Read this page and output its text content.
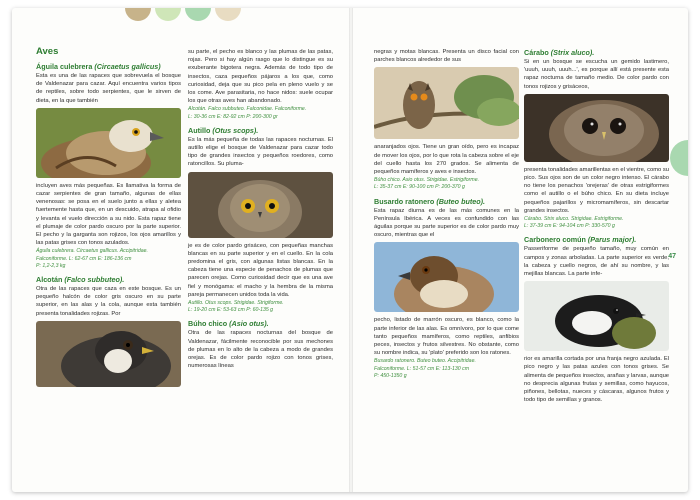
47
Aves
Águila culebrera (Circaetus gallicus)

Esta es una de las rapaces que sobrevuela el bosque de Valdenazar para cazar. Aquí encuentra varios tipos de reptiles, sobre todo serpientes, que le sirven de dieta, en la que también

incluyen aves más pequeñas. Es llamativa la forma de cazar serpientes de gran tamaño, algunas de ellas venenosas: se posa en el suelo junto a ellas y aletea fuertemente hasta que, en un descuido, atrapa al ofidio y levanta el vuelo dirección a su nido. Esta rapaz tiene el plumaje de color pardo oscuro por la parte superior. El pecho y la garganta son rojizos, los ojos amarillos y las patas grises con tonos azulados.

Águila culebrera. Circaetus gallicus. Accipitridae.
Falconiforme. L: 62-67 cm E: 186-136 cm
P: 1,2-2,3 kg
Alcotán (Falco subbuteo).

Otra de las rapaces que caza en este bosque. Es un pequeño halcón de color gris oscuro en su parte superior, en las alas y la cola, aunque esta también presenta tonalidades rojizas. Por

su parte, el pecho es blanco y las plumas de las patas, rojas. Pero si hay algún rasgo que lo distingue es su exuberante bigotera negra. Además de todo tipo de insectos, caza pequeños pájaros a los que, como curiosidad, deja que su pico pela en pleno vuelo y se los come. Ave parasitaria, no hace nidos: suele ocupar los que otras aves han abandonado.

Alcotán. Falco subbuteo. Falconidae. Falconiforme.
L: 30-36 cm E: 82-92 cm P: 200-300 gr
Autillo (Otus scops).

Es la más pequeña de todas las rapaces nocturnas. El autillo elige el bosque de Valdenazar para cazar todo tipo de grandes insectos y pequeños roedores, como ratoncillos. Su pluma-

je es de color pardo grisáceo, con pequeñas manchas blancas en su parte superior y en el cuello. En la cola predomina el gris, con algunas listas blancas. En la cabeza tiene una especie de penachos de plumas que parecen orejas. Como curiosidad decir que es una ave fiel y monógama: el macho y la hembra de la misma pareja permanecen unidos toda la vida.

Autillo. Otus scops. Strigidae. Strigiforme.
L: 19-20 cm E: 53-63 cm P: 60-135 g
Búho chico (Asio otus).

Otra de las rapaces nocturnas del bosque de Valdenazar, fácilmente reconocible por sus mechones de plumas en lo alto de la cabeza a modo de grandes orejas. Es de color pardo rojizo con tonos grises, numerosas líneas

negras y motas blancas. Presenta un disco facial con parches blancos alrededor de sus

anaranjados ojos. Tiene un gran oído, pero es incapaz de mover los ojos, por lo que rota la cabeza sobre el eje del cuello hasta los 270 grados. Se alimenta de pequeños mamíferos y aves e insectos.

Búho chico. Asio otus. Strigidae. Estrigiforme.
L: 35-37 cm E: 90-100 cm P: 200-370 g
Busardo ratonero (Buteo buteo).

Esta rapaz diurna es de las más comunes en la Península Ibérica. A veces es confundido con las águilas porque su parte superior es de color pardo muy oscuro, mientras que el

pecho, listado de marrón oscuro, es blanco, como la parte inferior de las alas. Es omnívoro, por lo que come tanto pequeños mamíferos, como reptiles, anfibios peces, insectos y frutos silvestres. No obstante, como su nombre indica, su 'plato' preferido son los ratones.

Busardo ratonero. Buteo buteo. Accipitridae.
Falconiforme. L: 51-57 cm E: 113-130 cm
P: 450-1350 g
Cárabo (Strix aluco).

Si en un bosque se escucha un gemido lastimero, 'uuuh, uuuh, uuuh...', es porque allí está presente esta rapaz nocturna de tamaño medio. De color pardo con tonos rojizos y grisáceos,

presenta tonalidades amarillentas en el vientre, como su pico. Sus ojos son de un color negro intenso. El cárabo no tiene los penachos 'orejeras' de otras estrigiformes como el autillo o el búho chico. En su dieta incluye pequeños pajarillos y micromamíferos, sin descartar grandes insectos.

Cárabo. Strix aluco. Strigidae. Estrigiforme.
L: 37-39 cm E: 94-104 cm P: 330-570 g
Carbonero común (Parus major).

Passeriforme de pequeño tamaño, muy común en campos y zonas arboladas. La parte superior es verde, la cabeza y cuello negros, de ahí su nombre, y las mejillas blancas. La parte infe-

rior es amarilla cortada por una franja negro azulada. El pico negro y las patas azules con tonos grises. Se alimenta de pequeños insectos, arañas y larvas, aunque no desprecia algunas frutas y semillas, como hayucos, piñones, bellotas, nueces y cáscaras, algunos frutos y todo tipo de semillas y granos.
